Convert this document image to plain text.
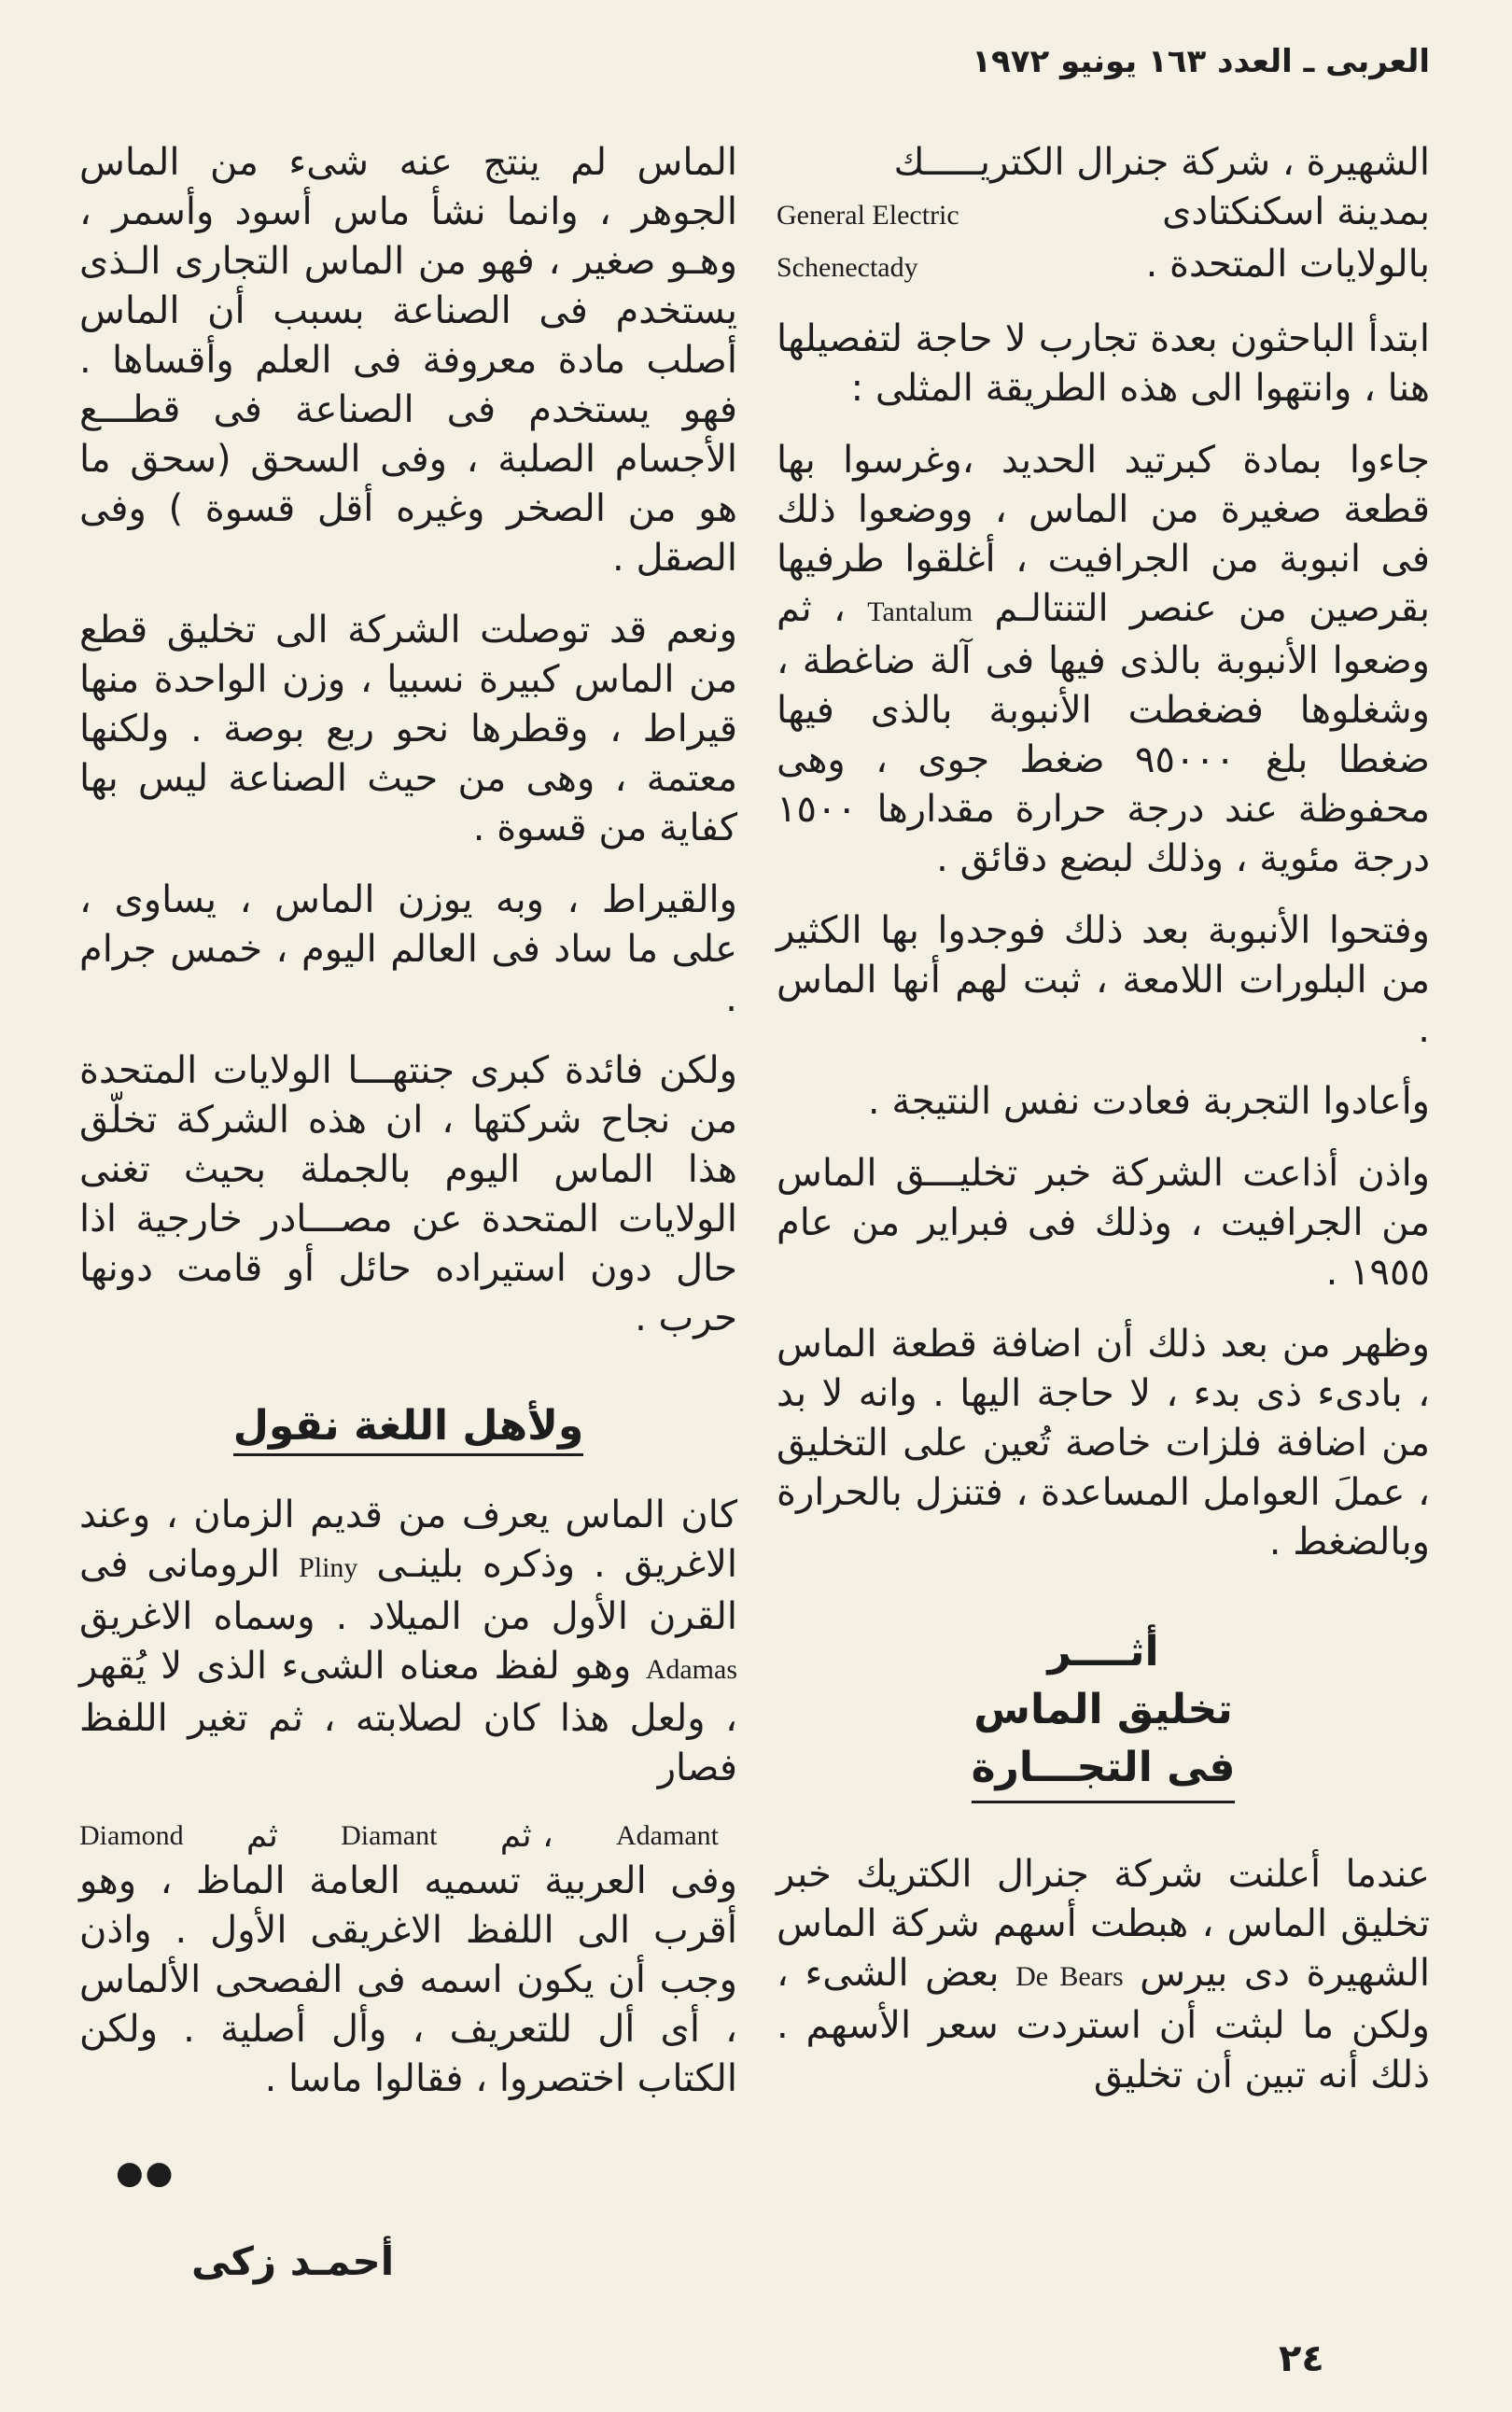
العربى ـ العدد ١٦٣ يونيو ١٩٧٢
الشهيرة ، شركة جنرال الكتريـــــك
بمدينة اسكنكتادى
General Electric
بالولايات المتحدة .
Schenectady

ابتدأ الباحثون بعدة تجارب لا حاجة لتفصيلها هنا ، وانتهوا الى هذه الطريقة المثلى :

جاءوا بمادة كبرتيد الحديد ،وغرسوا بها قطعة صغيرة من الماس ، ووضعوا ذلك فى انبوبة من الجرافيت ، أغلقوا طرفيها بقرصين من عنصر التنتالـم Tantalum ، ثم وضعوا الأنبوبة بالذى فيها فى آلة ضاغطة ، وشغلوها فضغطت الأنبوبة بالذى فيها ضغطا بلغ ٩٥٠٠٠ ضغط جوى ، وهى محفوظة عند درجة حرارة مقدارها ١٥٠٠ درجة مئوية ، وذلك لبضع دقائق .

وفتحوا الأنبوبة بعد ذلك فوجدوا بها الكثير من البلورات اللامعة ، ثبت لهم أنها الماس .

وأعادوا التجربة فعادت نفس النتيجة .

واذن أذاعت الشركة خبر تخليـــق الماس من الجرافيت ، وذلك فى فبراير من عام ١٩٥٥ .

وظهر من بعد ذلك أن اضافة قطعة الماس ، بادىء ذى بدء ، لا حاجة اليها . وانه لا بد من اضافة فلزات خاصة تُعين على التخليق ، عملَ العوامل المساعدة ، فتنزل بالحرارة وبالضغط .

أثــــر
تخليق الماس
فى التجـــارة

عندما أعلنت شركة جنرال الكتريك خبر تخليق الماس ، هبطت أسهم شركة الماس الشهيرة دى بيرس De Bears بعض الشىء ، ولكن ما لبثت أن استردت سعر الأسهم . ذلك أنه تبين أن تخليق

الماس لم ينتج عنه شىء من الماس الجوهر ، وانما نشأ ماس أسود وأسمر ، وهـو صغير ، فهو من الماس التجارى الـذى يستخدم فى الصناعة بسبب أن الماس أصلب مادة معروفة فى العلم وأقساها . فهو يستخدم فى الصناعة فى قطـــع الأجسام الصلبة ، وفى السحق (سحق ما هو من الصخر وغيره أقل قسوة ) وفى الصقل .

ونعم قد توصلت الشركة الى تخليق قطع من الماس كبيرة نسبيا ، وزن الواحدة منها قيراط ، وقطرها نحو ربع بوصة . ولكنها معتمة ، وهى من حيث الصناعة ليس بها كفاية من قسوة .

والقيراط ، وبه يوزن الماس ، يساوى ، على ما ساد فى العالم اليوم ، خمس جرام .

ولكن فائدة كبرى جنتهـــا الولايات المتحدة من نجاح شركتها ، ان هذه الشركة تخلّق هذا الماس اليوم بالجملة بحيث تغنى الولايات المتحدة عن مصـــادر خارجية اذا حال دون استيراده حائل أو قامت دونها حرب .

ولأهل اللغة نقول

كان الماس يعرف من قديم الزمان ، وعند الاغريق . وذكره بلينـى Pliny الرومانى فى القرن الأول من الميلاد . وسماه الاغريق Adamas وهو لفظ معناه الشىء الذى لا يُقهر ، ولعل هذا كان لصلابته ، ثم تغير اللفظ فصار

Diamond ثم Diamant ثم ، Adamant

وفى العربية تسميه العامة الماظ ، وهو أقرب الى اللفظ الاغريقى الأول . واذن وجب أن يكون اسمه فى الفصحى الألماس ، أى أل للتعريف ، وأل أصلية . ولكن الكتاب اختصروا ، فقالوا ماسا .

●●
أحمـد زكى
٢٤
